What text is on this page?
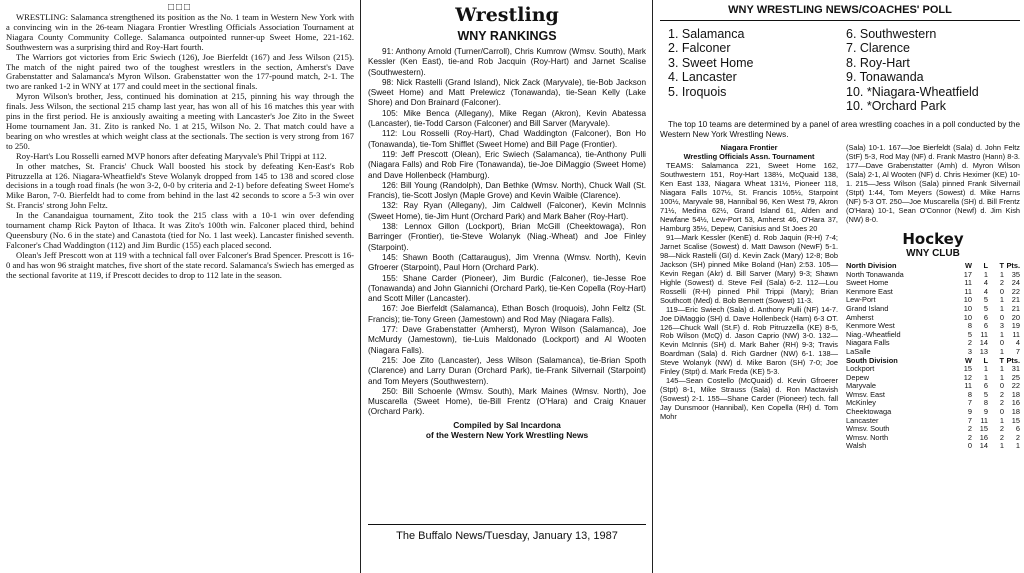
□□□

WRESTLING: Salamanca strengthened its position as the No. 1 team in Western New York with a convincing win in the 26-team Niagara Frontier Wrestling Officials Association Tournament at Niagara County Community College. Salamanca outpointed runner-up Sweet Home, 221-162. Southwestern was a surprising third and Roy-Hart fourth.

The Warriors got victories from Eric Swiech (126), Joe Bierfeldt (167) and Jess Wilson (215). The match of the night paired two of the toughest wrestlers in the section, Amherst's Dave Grabenstatter and Salamanca's Myron Wilson. Grabenstatter won the 177-pound match, 2-1. The two are ranked 1-2 in WNY at 177 and could meet in the sectional finals.

Myron Wilson's brother, Jess, continued his domination at 215, pinning his way through the finals. Jess Wilson, the sectional 215 champ last year, has won all of his 16 matches this year with pins in the first period. He is anxiously awaiting a meeting with Lancaster's Joe Zito in the Sweet Home tournament Jan. 31. Zito is ranked No. 1 at 215, Wilson No. 2. That match could have a bearing on who wrestles at which weight class at the sectionals. The section is very strong from 167 to 250.

Roy-Hart's Lou Rosselli earned MVP honors after defeating Maryvale's Phil Trippi at 112.

In other matches, St. Francis' Chuck Wall boosted his stock by defeating Ken-East's Rob Pitruzzella at 126. Niagara-Wheatfield's Steve Wolanyk dropped from 145 to 138 and scored close decisions in a tough road finals (he won 3-2, 0-0 by criteria and 2-1) before defeating Sweet Home's Mike Baron, 7-0. Bierfeldt had to come from behind in the last 42 seconds to score a 5-3 win over St. Francis' strong John Feltz.

In the Canandaigua tournament, Zito took the 215 class with a 10-1 win over defending tournament champ Rick Payton of Ithaca. It was Zito's 100th win. Falconer placed third, behind Queensbury (No. 6 in the state) and Canastota (tied for No. 1 last week). Lancaster finished seventh. Falconer's Chad Waddington (112) and Jim Burdic (155) each placed second.

Olean's Jeff Prescott won at 119 with a technical fall over Falconer's Brad Spencer. Prescott is 16-0 and has won 96 straight matches, five short of the state record. Salamanca's Swiech has emerged as the sectional favorite at 119, if Prescott decides to drop to 112 late in the season.

Wrestling
WNY RANKINGS

91: Anthony Arnold (Turner/Carroll), Chris Kumrow (Wmsv. South), Mark Kessler (Ken East), tie-and Rob Jacquin (Roy-Hart) and Jarnet Scalise (Southwestern).

98: Nick Rastelli (Grand Island), Nick Zack (Maryvale), tie-Bob Jackson (Sweet Home) and Matt Prelewicz (Tonawanda), tie-Sean Kelly (Lake Shore) and Don Brainard (Falconer).

105: Mike Benca (Allegany), Mike Regan (Akron), Kevin Abatessa (Lancaster), tie-Todd Carson (Falconer) and Bill Sarver (Maryvale).

112: Lou Rosselli (Roy-Hart), Chad Waddington (Falconer), Bon Ho (Tonawanda), tie-Tom Shifflet (Sweet Home) and Bill Page (Frontier).

119: Jeff Prescott (Olean), Eric Swiech (Salamanca), tie-Anthony Pulli (Niagara Falls) and Rob Fire (Tonawanda), tie-Joe DiMaggio (Sweet Home) and Dave Hollenbeck (Hamburg).

126: Bill Young (Randolph), Dan Bethke (Wmsv. North), Chuck Wall (St. Francis), tie-Scott Joslyn (Maple Grove) and Kevin Waible (Clarence).

132: Ray Ryan (Allegany), Jim Caldwell (Falconer), Kevin McInnis (Sweet Home), tie-Jim Hunt (Orchard Park) and Mark Baher (Roy-Hart).

138: Lennox Gillon (Lockport), Brian McGill (Cheektowaga), Ron Barringer (Frontier), tie-Steve Wolanyk (Niag.-Wheat) and Joe Finley (Starpoint).

145: Shawn Booth (Cattaraugus), Jim Vrenna (Wmsv. North), Kevin Gfroerer (Starpoint), Paul Horn (Orchard Park).

155: Shane Carder (Pioneer), Jim Burdic (Falconer), tie-Jesse Roe (Tonawanda) and John Giannichi (Orchard Park), tie-Ken Copella (Roy-Hart) and Scott Miller (Lancaster).

167: Joe Bierfeldt (Salamanca), Ethan Bosch (Iroquois), John Feltz (St. Francis); tie-Tony Green (Jamestown) and Rod May (Niagara Falls).

177: Dave Grabenstatter (Amherst), Myron Wilson (Salamanca), Joe McMurdy (Jamestown), tie-Luis Maldonado (Lockport) and Al Wooten (Niagara Falls).

215: Joe Zito (Lancaster), Jess Wilson (Salamanca), tie-Brian Spoth (Clarence) and Larry Duran (Orchard Park), tie-Frank Silvernail (Starpoint) and Tom Meyers (Southwestern).

250: Bill Schoenle (Wmsv. South), Mark Maines (Wmsv. North), Joe Muscarella (Sweet Home), tie-Bill Frentz (O'Hara) and Craig Knauer (Orchard Park).

Compiled by Sal Incardona
of the Western New York Wrestling News
The Buffalo News/Tuesday, January 13, 1987
WNY WRESTLING NEWS/COACHES' POLL
1. Salamanca
2. Falconer
3. Sweet Home
4. Lancaster
5. Iroquois
6. Southwestern
7. Clarence
8. Roy-Hart
9. Tonawanda
10. *Niagara-Wheatfield
10. *Orchard Park
The top 10 teams are determined by a panel of area wrestling coaches in a poll conducted by the Western New York Wrestling News.
Niagara Frontier
Wrestling Officials Assn. Tournament

TEAMS: Salamanca 221, Sweet Home 162, Southwestern 151, Roy-Hart 138½, McQuaid 138, Ken East 133, Niagara Wheat 131½, Pioneer 118, Niagara Falls 107½, St. Francis 105½, Starpoint 100½, Maryvale 98, Hannibal 96, Ken West 79, Akron 71½, Medina 62½, Grand Island 61, Alden and Newfane 54½, Lew-Port 53, Amherst 46, O'Hara 37, Hamburg 35½, Depew, Canisius and St Joes 20

91—Mark Kessler (KenE) d. Rob Jaquin (R-H) 7-4; Jarnet Scalise (Sowest) d. Matt Dawson (NewF) 5-1. 98—Nick Rastelli (GI) d. Kevin Zack (Mary) 12-8; Bob Jackson (SH) pinned Mike Boland (Han) 2:53. 105—Kevin Regan (Akr) d. Bill Sarver (Mary) 9-3; Shawn Highle (Sowest) d. Steve Feil (Sala) 6-2. 112—Lou Rosselli (R-H) pinned Phil Trippi (Mary); Brian Southcott (Med) d. Bob Bennett (Sowest) 11-3.

119—Eric Swiech (Sala) d. Anthony Pulli (NF) 14-7. Joe DiMaggio (SH) d. Dave Hollenbeck (Ham) 6-3 OT. 126—Chuck Wall (St.F) d. Rob Pitruzzella (KE) 8-5, Rob Wilson (McQ) d. Jason Caprio (NW) 3-0. 132—Kevin McInnis (SH) d. Mark Baher (RH) 9-3; Travis Boardman (Sala) d. Rich Gardner (NW) 6-1. 138—Steve Wolanyk (NW) d. Mike Baron (SH) 7-0; Joe Finley (Stpt) d. Mark Freda (KE) 5-3.

145—Sean Costello (McQuaid) d. Kevin Gfroerer (Stpt) 8-1, Mike Strauss (Sala) d. Ron Mactavish (Sowest) 2-1. 155—Shane Carder (Pioneer) tech. fall Jay Dunsmoor (Hannibal), Ken Copella (RH) d. Tom Mohr

(Sala) 10-1. 167—Joe Bierfeldt (Sala) d. John Feltz (StF) 5-3, Rod May (NF) d. Frank Mastro (Hann) 8-3. 177—Dave Grabenstatter (Amh) d. Myron Wilson (Sala) 2-1, Al Wooten (NF) d. Chris Heximer (KE) 10-1. 215—Jess Wilson (Sala) pinned Frank Silvernail (Stpt) 1:44, Tom Meyers (Sowest) d. Mike Harns (NF) 5-3 OT. 250—Joe Muscarella (SH) d. Bill Frentz (O'Hara) 10-1, Sean O'Connor (Newf) d. Jim Kish (NW) 8-0.
Hockey
WNY CLUB
North Division	W	L	T	Pts.
North Tonawanda	17	1	1	35
Sweet Home	11	4	2	24
Kenmore East	11	4	0	22
Lew-Port	10	5	1	21
Grand Island	10	5	1	21
Amherst	10	6	0	20
Kenmore West	8	6	3	19
Niag.-Wheatfield	5	11	1	11
Niagara Falls	2	14	0	4
LaSalle	3	13	1	7
South Division	W	L	T	Pts.
Lockport	15	1	1	31
Depew	12	1	1	25
Maryvale	11	6	0	22
Wmsv. East	8	5	2	18
McKinley	7	8	2	16
Cheektowaga	9	9	0	18
Lancaster	7	11	1	15
Wmsv. South	2	15	2	6
Wmsv. North	2	16	2	2
Walsh	0	14	1	1
